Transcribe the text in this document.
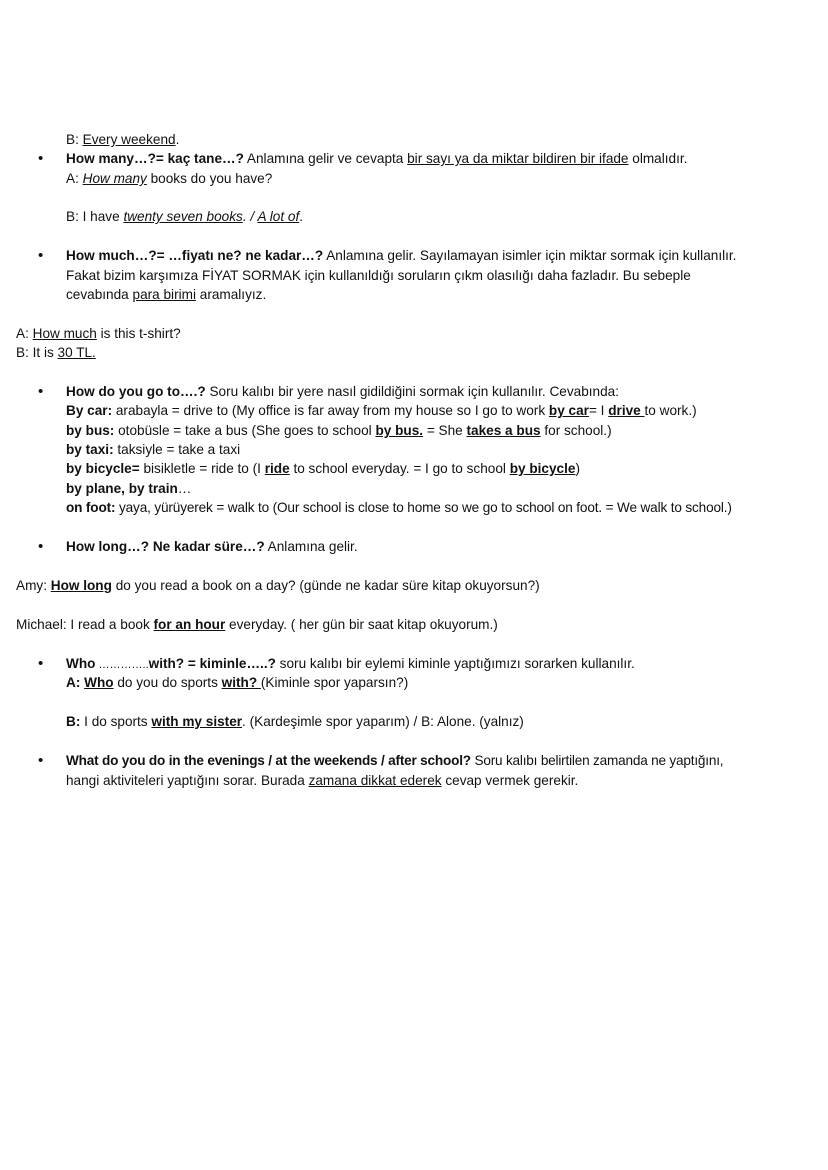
B: Every weekend.
• How many…?= kaç tane…? Anlamına gelir ve cevapta bir sayı ya da miktar bildiren bir ifade olmalıdır.
A: How many books do you have?
B: I have twenty seven books. / A lot of.
• How much…?= …fiyatı ne? ne kadar…? Anlamına gelir. Sayılamayan isimler için miktar sormak için kullanılır.
Fakat bizim karşımıza FİYAT SORMAK için kullanıldığı soruların çıkm olasılığı daha fazladır. Bu sebeple
cevabında para birimi aramalıyız.
A: How much is this t-shirt?
B: It is 30 TL.
• How do you go to….? Soru kalıbı bir yere nasıl gidildiğini sormak için kullanılır. Cevabında:
By car: arabayla = drive to (My office is far away from my house so I go to work by car= I drive to work.)
by bus: otobüsle = take a bus (She goes to school by bus. = She takes a bus for school.)
by taxi: taksiyle = take a taxi
by bicycle= bisikletle = ride to (I ride to school everyday. = I go to school by bicycle)
by plane, by train…
on foot: yaya, yürüyerek = walk to (Our school is close to home so we go to school on foot. = We walk to school.)
• How long…? Ne kadar süre…? Anlamına gelir.
Amy: How long do you read a book on a day? (günde ne kadar süre kitap okuyorsun?)
Michael: I read a book for an hour everyday. ( her gün bir saat kitap okuyorum.)
• Who …………..with? = kiminle…..? soru kalıbı bir eylemi kiminle yaptığımızı sorarken kullanılır.
A: Who do you do sports with? (Kiminle spor yaparsın?)
B: I do sports with my sister. (Kardeşimle spor yaparım) / B: Alone. (yalnız)
• What do you do in the evenings / at the weekends / after school? Soru kalıbı belirtilen zamanda ne yaptığını,
hangi aktiviteleri yaptığını sorar. Burada zamana dikkat ederek cevap vermek gerekir.
